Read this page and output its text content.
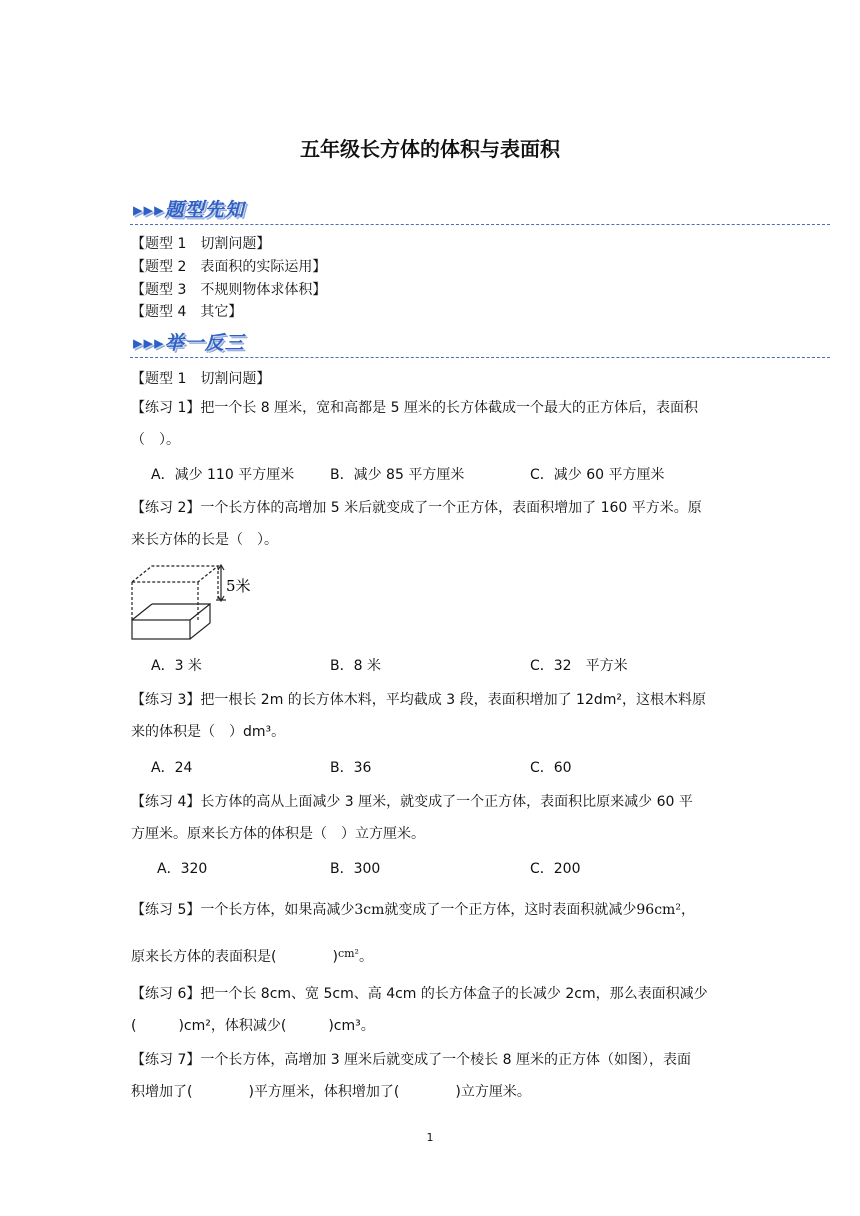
五年级长方体的体积与表面积
▸▸▸题型先知
【题型 1　切割问题】
【题型 2　表面积的实际运用】
【题型 3　不规则物体求体积】
【题型 4　其它】
▸▸▸举一反三
【题型 1　切割问题】
【练习 1】把一个长 8 厘米，宽和高都是 5 厘米的长方体截成一个最大的正方体后，表面积
（　）。
A．减少 110 平方厘米	B．减少 85 平方厘米	C．减少 60 平方厘米
【练习 2】一个长方体的高增加 5 米后就变成了一个正方体，表面积增加了 160 平方米。原
来长方体的长是（　）。
5米
A．3 米	B．8 米	C．32　平方米
【练习 3】把一根长 2m 的长方体木料，平均截成 3 段，表面积增加了 12dm²，这根木料原
来的体积是（　）dm³。
A．24	B．36	C．60
【练习 4】长方体的高从上面减少 3 厘米，就变成了一个正方体，表面积比原来减少 60 平
方厘米。原来长方体的体积是（　）立方厘米。
A．320	B．300	C．200
【练习 5】一个长方体，如果高减少3cm就变成了一个正方体，这时表面积就减少96cm²，
原来长方体的表面积是(　　　　)$^{cm^2}$。
【练习 6】把一个长 8cm、宽 5cm、高 4cm 的长方体盒子的长减少 2cm，那么表面积减少
(　　　)cm²，体积减少(　　　)cm³。
【练习 7】一个长方体，高增加 3 厘米后就变成了一个棱长 8 厘米的正方体（如图），表面
积增加了(　　　　)平方厘米，体积增加了(　　　　)立方厘米。
1
